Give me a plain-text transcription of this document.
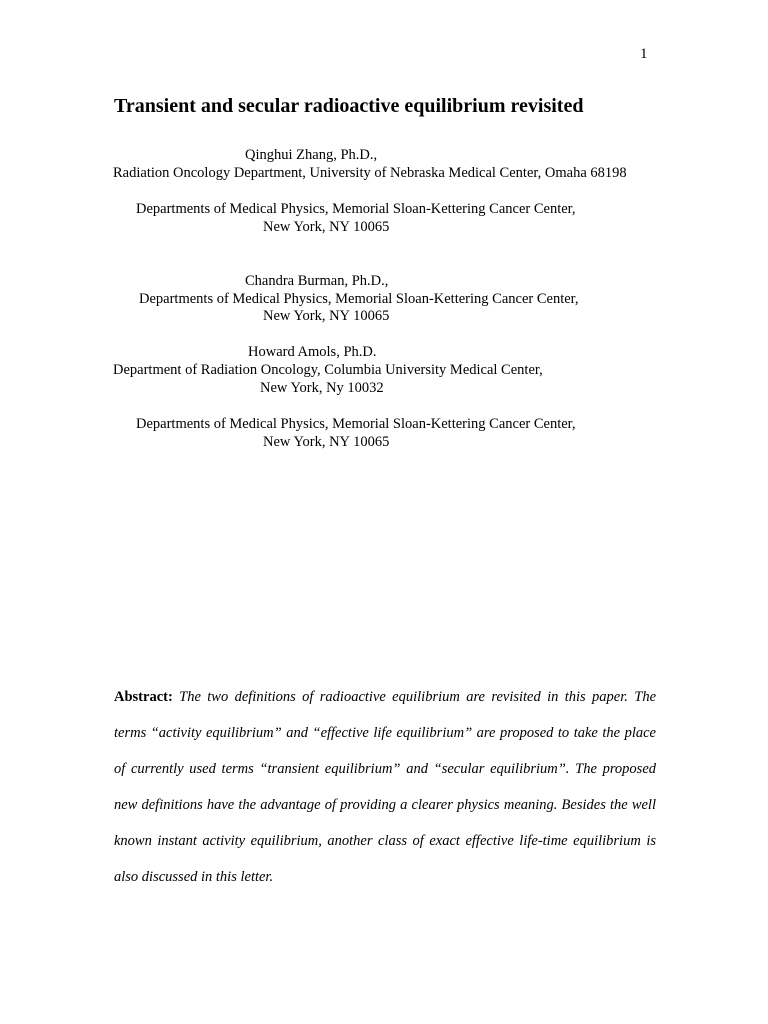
1
Transient and secular radioactive equilibrium revisited
Qinghui Zhang, Ph.D.,
Radiation Oncology Department, University of Nebraska Medical Center, Omaha 68198
Departments of Medical Physics, Memorial Sloan-Kettering Cancer Center,
New York, NY 10065
Chandra Burman, Ph.D.,
Departments of Medical Physics, Memorial Sloan-Kettering Cancer Center,
New York, NY 10065
Howard Amols, Ph.D.
Department of Radiation Oncology, Columbia University Medical Center,
New York, Ny 10032
Departments of Medical Physics, Memorial Sloan-Kettering Cancer Center,
New York, NY 10065
Abstract: The two definitions of radioactive equilibrium are revisited in this paper. The terms “activity equilibrium” and “effective life equilibrium” are proposed to take the place of currently used terms “transient equilibrium” and “secular equilibrium”. The proposed new definitions have the advantage of providing a clearer physics meaning. Besides the well known instant activity equilibrium, another class of exact effective life-time equilibrium is also discussed in this letter.
